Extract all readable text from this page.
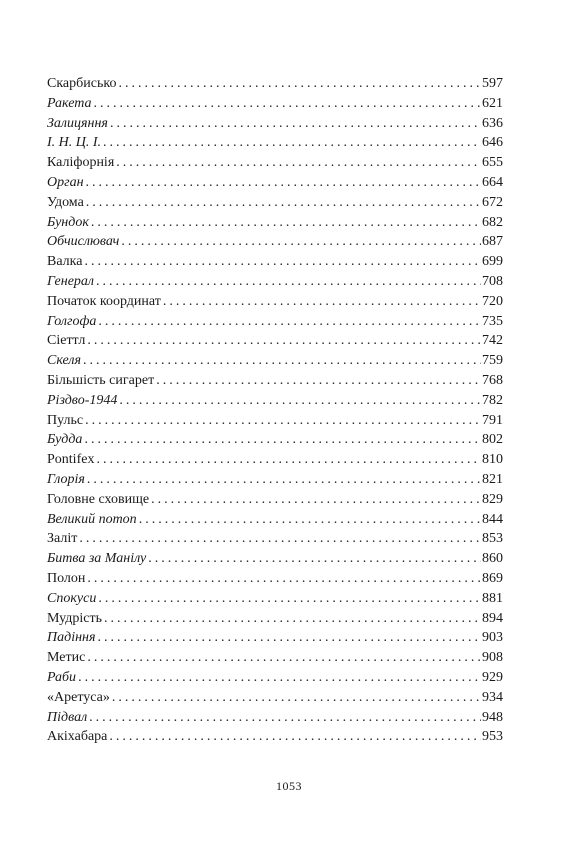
Скарбисько .....	597
Ракета .....	621
Залицяння .....	636
І. Н. Ц. І. .....	646
Каліфорнія .....	655
Орган .....	664
Удома .....	672
Бундок .....	682
Обчислювач .....	687
Валка .....	699
Генерал .....	708
Початок координат .....	720
Голгофа .....	735
Сіеттл .....	742
Скеля .....	759
Більшість сигарет .....	768
Різдво-1944 .....	782
Пульс .....	791
Будда .....	802
Pontifex .....	810
Глорія .....	821
Головне сховище .....	829
Великий потоп .....	844
Заліт .....	853
Битва за Манілу .....	860
Полон .....	869
Спокуси .....	881
Мудрість .....	894
Падіння .....	903
Метис .....	908
Раби .....	929
«Аретуса» .....	934
Підвал .....	948
Акіхабара .....	953
1053
